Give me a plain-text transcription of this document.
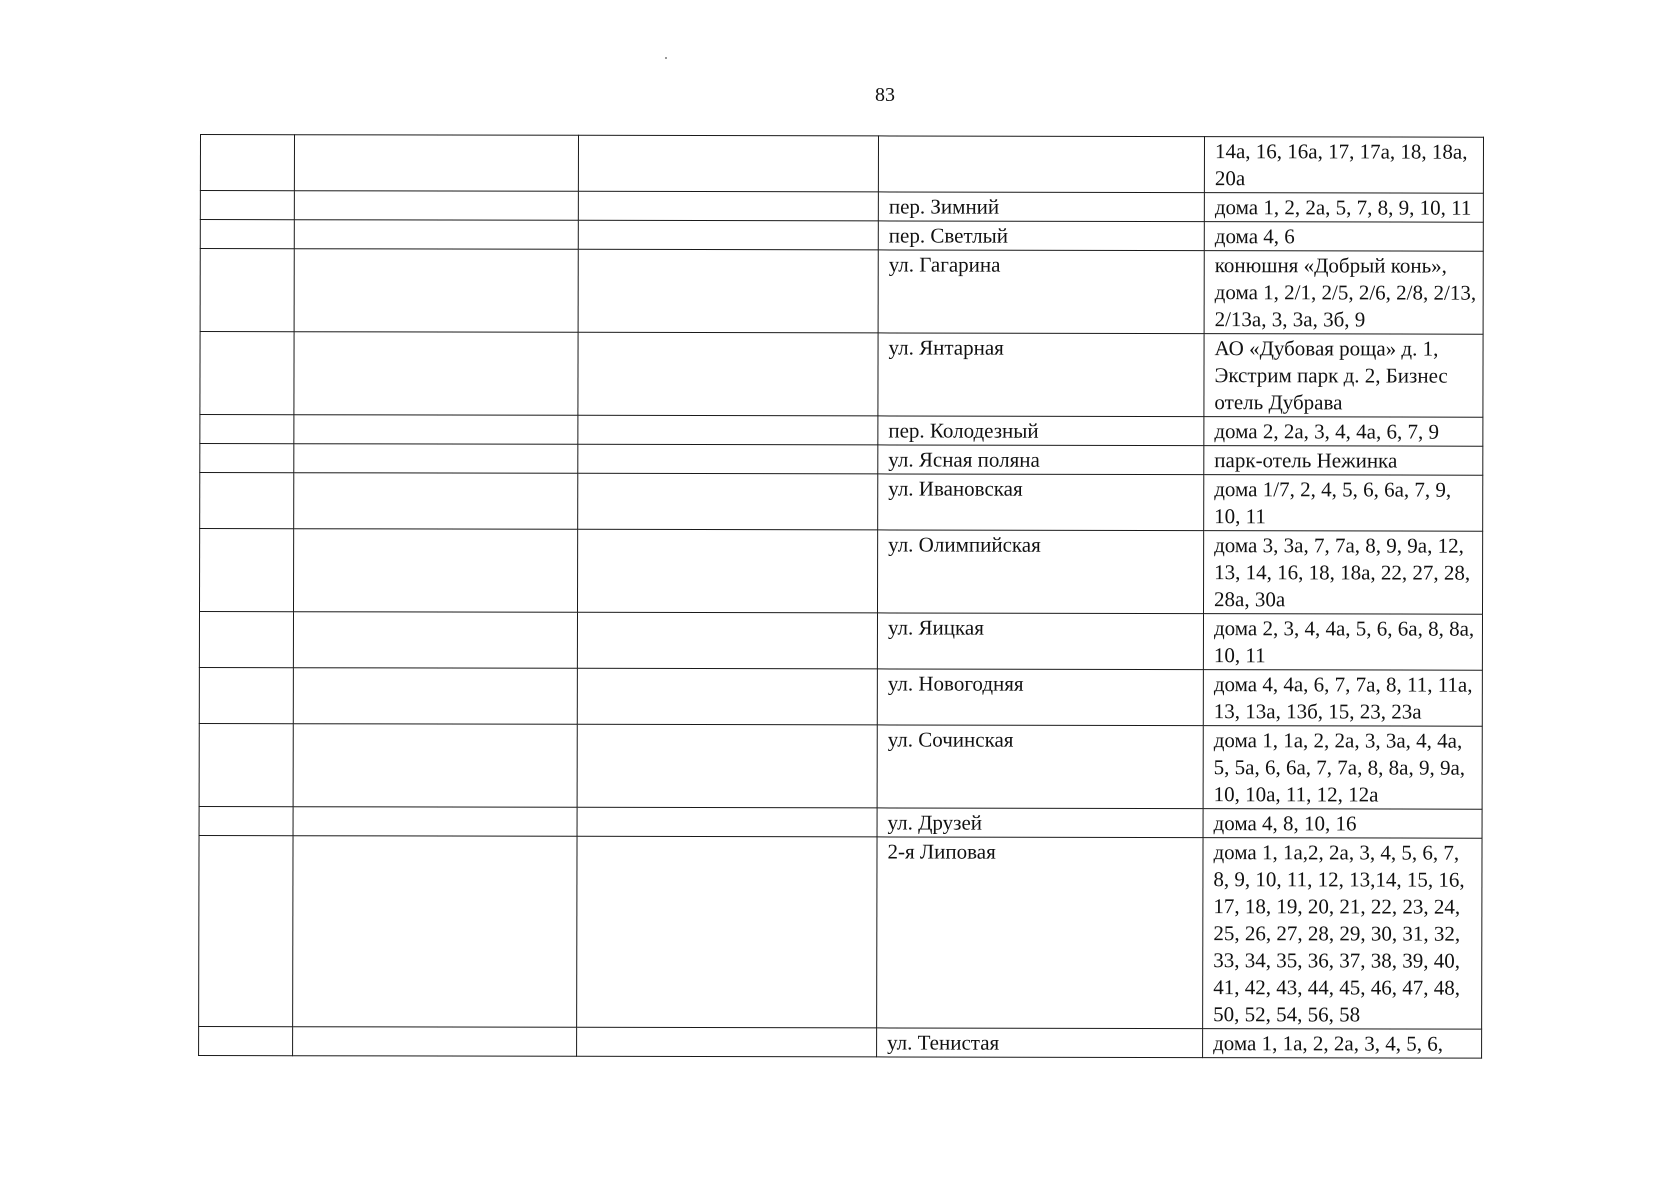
83
				14а, 16, 16а, 17, 17а, 18, 18а, 20а
			пер. Зимний	дома 1, 2, 2а, 5, 7, 8, 9, 10, 11
			пер. Светлый	дома 4, 6
			ул. Гагарина	конюшня «Добрый конь», дома 1, 2/1, 2/5, 2/6, 2/8, 2/13, 2/13а, 3, 3а, 3б, 9
			ул. Янтарная	АО «Дубовая роща» д. 1, Экстрим парк д. 2, Бизнес отель Дубрава
			пер. Колодезный	дома 2, 2а, 3, 4, 4а, 6, 7, 9
			ул. Ясная поляна	парк-отель Нежинка
			ул. Ивановская	дома 1/7, 2, 4, 5, 6, 6а, 7, 9, 10, 11
			ул. Олимпийская	дома 3, 3а, 7, 7а, 8, 9, 9а, 12, 13, 14, 16, 18, 18а, 22, 27, 28, 28а, 30а
			ул. Яицкая	дома 2, 3, 4, 4а, 5, 6, 6а, 8, 8а, 10, 11
			ул. Новогодняя	дома 4, 4а, 6, 7, 7а, 8, 11, 11а, 13, 13а, 13б, 15, 23, 23а
			ул. Сочинская	дома 1, 1а, 2, 2а, 3, 3а, 4, 4а, 5, 5а, 6, 6а, 7, 7а, 8, 8а, 9, 9а, 10, 10а, 11, 12, 12а
			ул. Друзей	дома 4, 8, 10, 16
			2-я Липовая	дома 1, 1а,2, 2а, 3, 4, 5, 6, 7, 8, 9, 10, 11, 12, 13,14, 15, 16, 17, 18, 19, 20, 21, 22, 23, 24, 25, 26, 27, 28, 29, 30, 31, 32, 33, 34, 35, 36, 37, 38, 39, 40, 41, 42, 43, 44, 45, 46, 47, 48, 50, 52, 54, 56, 58
			ул. Тенистая	дома 1, 1а, 2, 2а, 3, 4, 5, 6,
